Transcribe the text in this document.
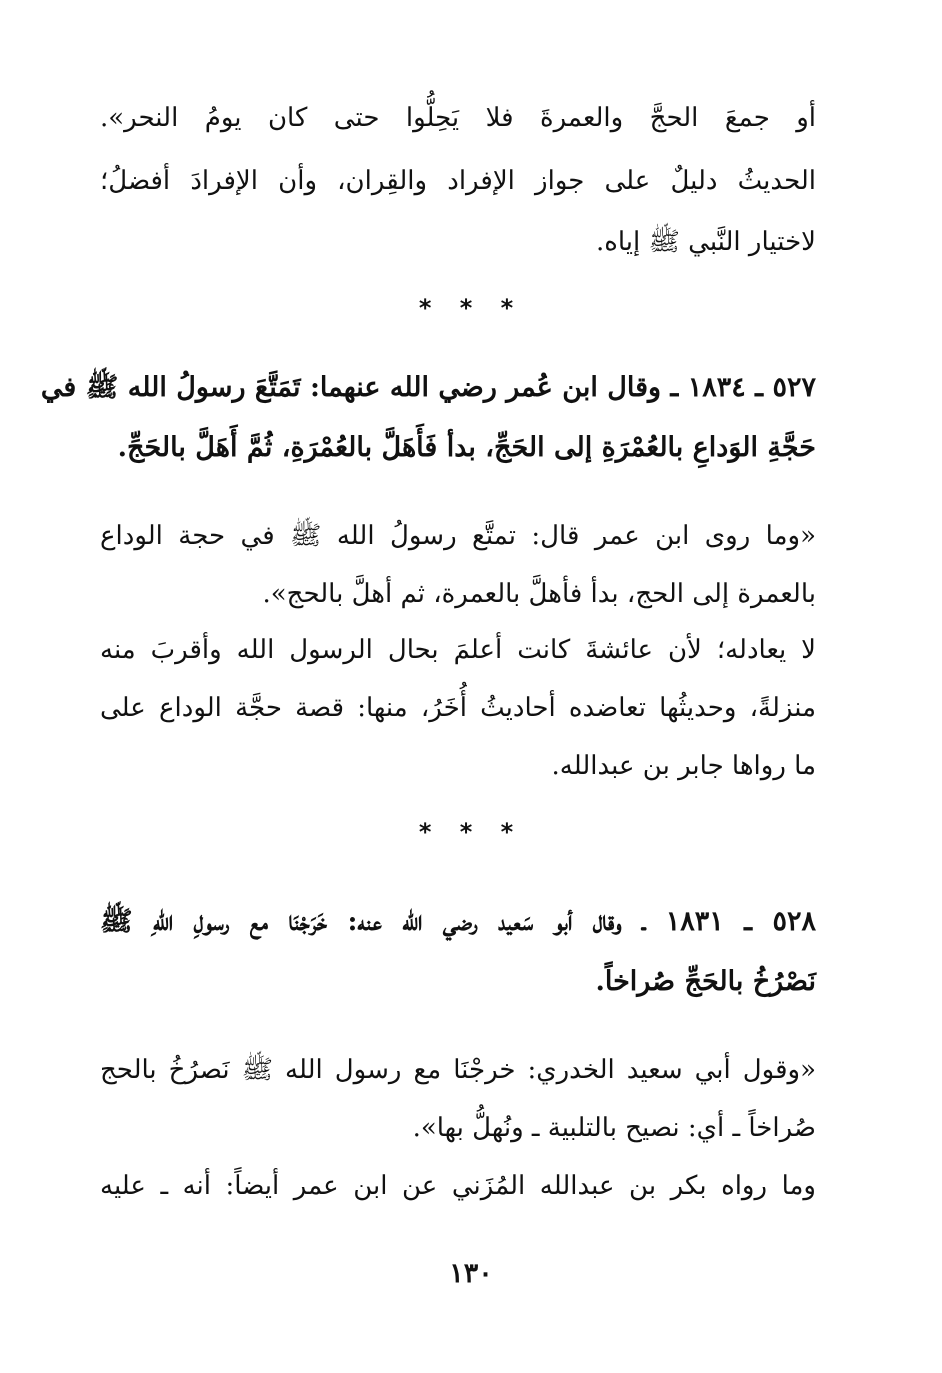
أو جمعَ الحجَّ والعمرةَ فلا يَحِلُّوا حتى كان يومُ النحر».
الحديثُ دليلٌ على جواز الإفراد والقِران، وأن الإفرادَ أفضلُ؛
لاختيار النَّبي ﷺ إياه.
* * *
٥٢٧ ـ ١٨٣٤ ـ وقال ابن عُمر رضي الله عنهما: تَمَتَّعَ رسولُ الله ﷺ في
حَجَّةِ الوَداعِ بالعُمْرَةِ إلى الحَجِّ، بدأ فَأَهَلَّ بالعُمْرَةِ، ثُمَّ أَهَلَّ بالحَجِّ.
«وما روى ابن عمر قال: تمتَّع رسولُ الله ﷺ في حجة الوداع
بالعمرة إلى الحج، بدأ فأهلَّ بالعمرة، ثم أهلَّ بالحج».
لا يعادله؛ لأن عائشةَ كانت أعلمَ بحال الرسول الله وأقربَ منه
منزلةً، وحديثُها تعاضده أحاديثُ أُخَرُ، منها: قصة حجَّة الوداع على
ما رواها جابر بن عبدالله.
* * *
٥٢٨ ـ ١٨٣١ ـ وقال أبو سَعيد رضي الله عنه: خَرَجْنَا مع رسولِ اللهِ ﷺ
نَصْرُخُ بالحَجِّ صُراخاً.
«وقول أبي سعيد الخدري: خرجْنَا مع رسول الله ﷺ نَصرُخُ بالحج
صُراخاً ـ أي: نصيح بالتلبية ـ ونُهلُّ بها».
وما رواه بكر بن عبدالله المُزَني عن ابن عمر أيضاً: أنه ـ عليه
١٣٠
